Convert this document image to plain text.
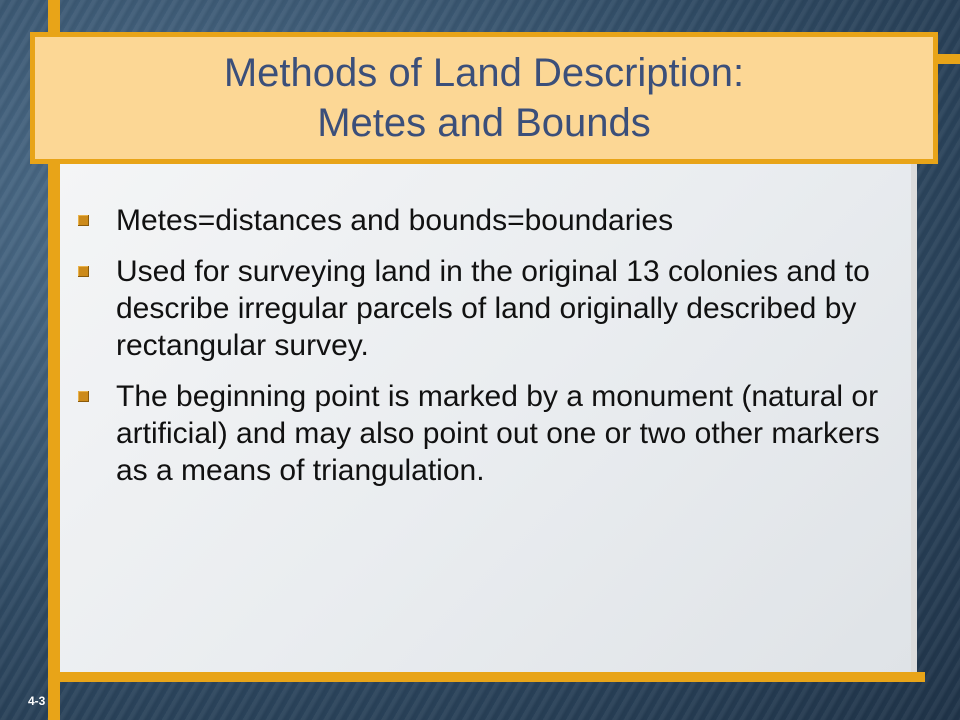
Methods of Land Description:
Metes and Bounds
Metes=distances and bounds=boundaries
Used for surveying land in the original 13 colonies and to describe irregular parcels of land originally described by rectangular survey.
The beginning point is marked by a monument (natural or artificial) and may also point out one or two other markers as a means of triangulation.
4-3
